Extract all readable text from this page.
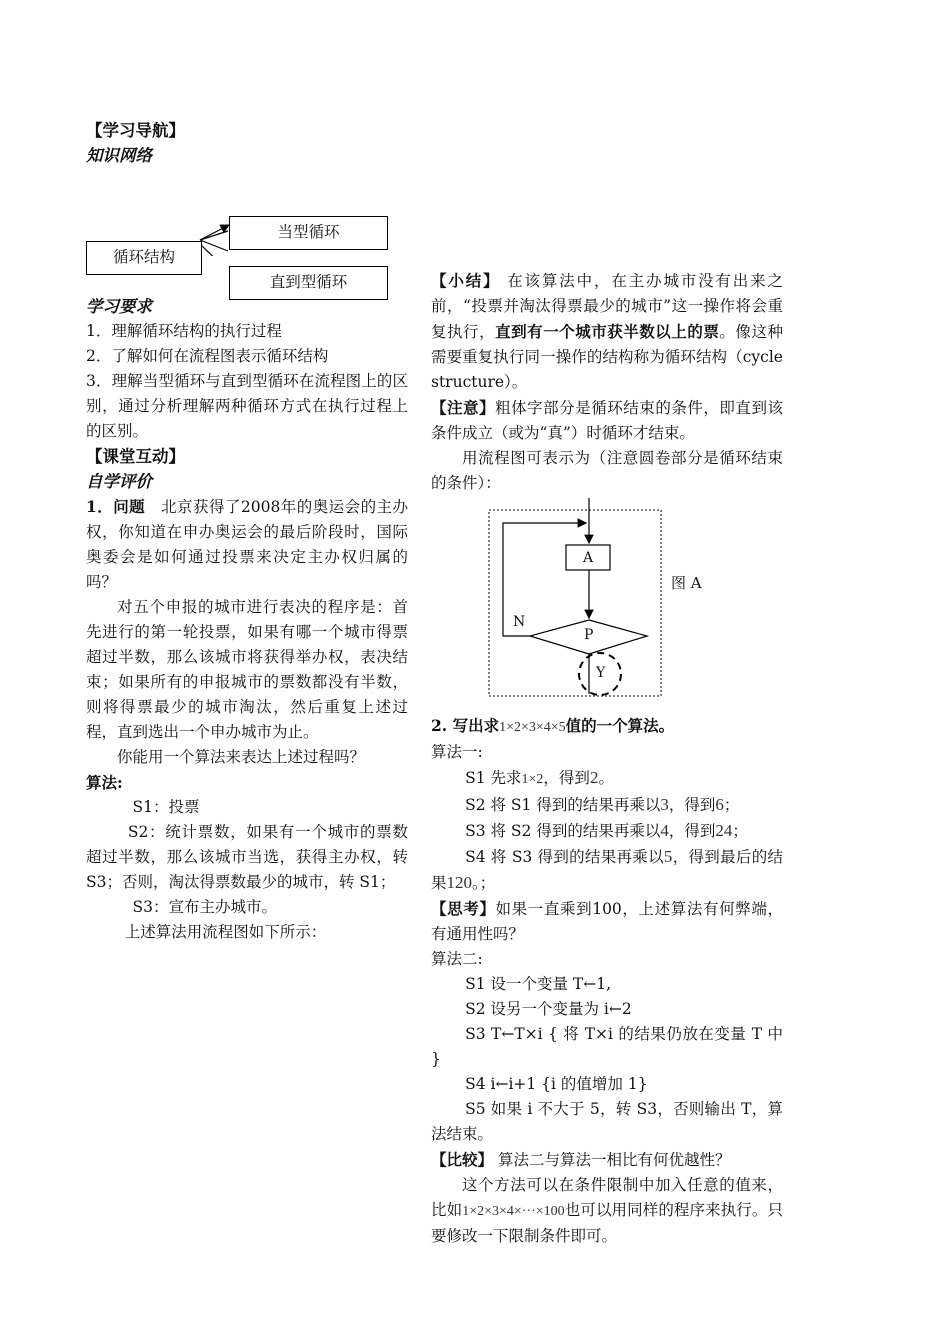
【学习导航】
知识网络
循环结构
当型循环
直到型循环
学习要求

1．理解循环结构的执行过程

2．了解如何在流程图表示循环结构

3．理解当型循环与直到型循环在流程图上的区别，通过分析理解两种循环方式在执行过程上的区别。

【课堂互动】
自学评价

1．问题　北京获得了2008年的奥运会的主办权，你知道在申办奥运会的最后阶段时，国际奥委会是如何通过投票来决定主办权归属的吗？

对五个申报的城市进行表决的程序是：首先进行的第一轮投票，如果有哪一个城市得票超过半数，那么该城市将获得举办权，表决结束；如果所有的申报城市的票数都没有半数，则将得票最少的城市淘汰，然后重复上述过程，直到选出一个申办城市为止。

你能用一个算法来表达上述过程吗？

算法:

S1：投票

S2：统计票数，如果有一个城市的票数超过半数，那么该城市当选，获得主办权，转S3；否则，淘汰得票数最少的城市，转 S1；

S3：宣布主办城市。

上述算法用流程图如下所示：

【小结】 在该算法中，在主办城市没有出来之前，“投票并淘汰得票最少的城市”这一操作将会重复执行，直到有一个城市获半数以上的票。像这种需要重复执行同一操作的结构称为循环结构（cycle structure）。

【注意】粗体字部分是循环结束的条件，即直到该条件成立（或为“真”）时循环才结束。

用流程图可表示为（注意圆卷部分是循环结束的条件）：

A
P
N
Y
图 A

2. 写出求1×2×3×4×5值的一个算法。

算法一:

S1 先求1×2，得到2。

S2 将 S1 得到的结果再乘以3，得到6；

S3 将 S2 得到的结果再乘以4，得到24；

S4 将 S3 得到的结果再乘以5，得到最后的结果120。；

【思考】如果一直乘到100，上述算法有何弊端，有通用性吗？

算法二:

S1 设一个变量 T←1,

S2 设另一个变量为 i←2

S3 T←T×i { 将 T×i 的结果仍放在变量 T 中 }

S4 i←i+1 {i 的值增加 1}

S5 如果 i 不大于 5，转 S3，否则输出 T，算法结束。

【比较】 算法二与算法一相比有何优越性？

这个方法可以在条件限制中加入任意的值来，比如1×2×3×4×···×100也可以用同样的程序来执行。只要修改一下限制条件即可。
